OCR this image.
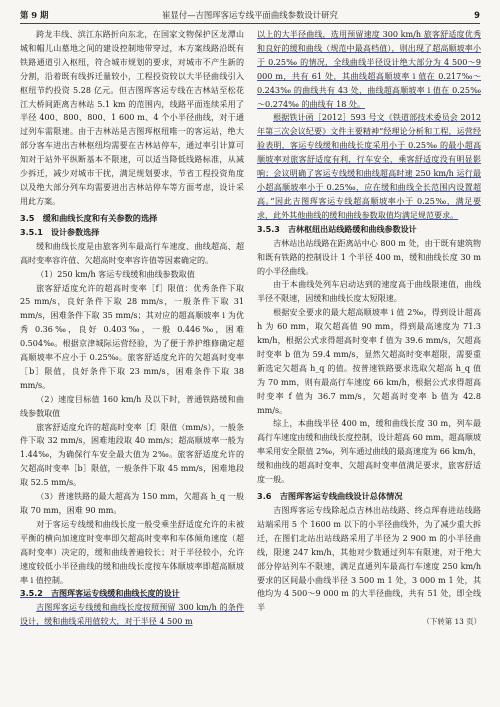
第 9 期	崔显付—吉图珲客运专线平面曲线参数设计研究	9

跨龙丰线、滨江东路折向东北，在国家文物保护区龙潭山城和帽儿山墓地之间的建设控制地带穿过，本方案线路沿既有铁路通道引入枢纽，符合城市规划的要求，对城市不产生新的分割，沿着既有线拆迁量较小，工程投资较以大半径曲线引入枢纽节约投资 5.28 亿元。但吉图珲客运专线在吉林站至松花江大桥间距离吉林站 5.1 km 的范围内，线路平面连续采用了半径 400、800、800、1 600 m、4 个小半径曲线，对于通过列车需限速。由于吉林站是吉图珲枢纽唯一的客运站，绝大部分客车进出吉林枢纽均需要在吉林站停车，通过率引计算可知对于站外平纵断基本不限速，可以适当降低线路标准，从减少拆迁，减少对城市干扰，满足规划要求，节省工程投资角度以及绝大部分列车均需要进出吉林站停车等方面考虑，设计采用此方案。

3.5　缓和曲线长度和有关参数的选择
3.5.1　设计参数选择

缓和曲线长度是由旅客列车最高行车速度、曲线超高、超高时变率容许值、欠超高时变率容许值等因素确定的。

（1）250 km/h 客运专线缓和曲线参数取值

旅客舒适度允许的超高时变率［f］限值：优秀条件下取 25 mm/s，良好条件下取 28 mm/s，一般条件下取 31 mm/s，困难条件下取 35 mm/s；其对应的超高顺坡率 i 为优秀 0.36‰，良好 0.403‰，一般 0.446‰，困难 0.504‰。根据京津城际运营经验，为了便于养护维修确定超高顺坡率不应小于 0.25‰。旅客舒适度允许的欠超高时变率［b］限值，良好条件下取 23 mm/s，困难条件下取 38 mm/s。

（2）速度目标值 160 km/h 及以下时，普通铁路缓和曲线参数取值

旅客舒适度允许的超高时变率［f］限值（mm/s），一般条件下取 32 mm/s，困难地段取 40 mm/s；超高顺坡率一般为 1.44‰，为确保行车安全最大值为 2‰。旅客舒适度允许的欠超高时变率［b］限值，一般条件下取 45 mm/s，困难地段取 52.5 mm/s。

（3）普速铁路的最大超高为 150 mm，欠超高 h_q 一般取 70 mm，困难 90 mm。

对于客运专线缓和曲线长度一般受乘坐舒适度允许的未被平衡的横向加速度时变率即欠超高时变率和车体倾角速度（超高时变率）决定的，缓和曲线普遍较长；对于半径较小，允许速度较低小半径曲线的缓和曲线长度按车体顺坡率即超高顺坡率 i 值控制。

3.5.2　吉图珲客运专线缓和曲线长度的设计

吉图珲客运专线缓和曲线长度按照预留 300 km/h 的条件设计，缓和曲线采用值较大，对于半径 4 500 m

以上的大半径曲线，选用预留速度 300 km/h 旅客舒适度优秀和良好的缓和曲线（规范中最高档值），则出现了超高顺坡率小于 0.25‰ 的情况，全线曲线半径设计绝大部分为 4 500～9 000 m，共有 61 处，其曲线超高顺坡率 i 值在 0.217‰～0.243‰ 的曲线共有 43 处，曲线超高顺坡率 i 值在 0.25‰～0.274‰ 的曲线有 18 处。

根据铁计函［2012］593 号文《铁道部技术委员会 2012 年第三次会议纪要》文件主要精神“经理论分析和工程，运营经验表明，客运专线缓和曲线长度采用小于 0.25‰ 的最小超高顺坡率对旅客舒适度有利，行车安全，乘客舒适度没有明显影响；会议明确了客运专线缓和曲线超高时速 250 km/h 运行最小超高顺坡率小于 0.25‰，应在缓和曲线全长范围内设置超高。”因此吉图珲客运专线超高顺坡率小于 0.25‰，满足要求，此外其他曲线的缓和曲线参数取值均满足规范要求。

3.5.3　吉林枢纽出站线路缓和曲线参数设计

吉林站出站线路在距离站中心 800 m 处，由于既有建筑物和既有铁路的控制设计 1 个半径 400 m，缓和曲线长度 30 m 的小半径曲线。

由于本曲线处列车启动达到的速度高于曲线限速值，曲线半径不限速，因缓和曲线长度太短限速。

根据安全要求的最大超高顺坡率 i 值 2‰，得到设计超高 h 为 60 mm，取欠超高值 90 mm，得到最高速度为 71.3 km/h，根据公式求得超高时变率 f 值为 39.6 mm/s，欠超高时变率 b 值为 59.4 mm/s，显然欠超高时变率超限，需要重新选定欠超高 h_q 的值。按普速铁路要求选取欠超高 h_q 值为 70 mm，则有最高行车速度 66 km/h，根据公式求得超高时变率 f 值为 36.7 mm/s，欠超高时变率 b 值为 42.8 mm/s。

综上，本曲线半径 400 m，缓和曲线长度 30 m，列车最高行车速度由缓和曲线长度控制，设计超高 60 mm，超高顺坡率采用安全限值 2‰，列车通过曲线的最高速度为 66 km/h，缓和曲线的超高时变率、欠超高时变率值满足要求，旅客舒适度一般。

3.6　吉图珲客运专线曲线设计总体情况

吉图珲客运专线除起点吉林出站线路、终点珲春进站线路站端采用 5 个 1600 m 以下的小半径曲线外，为了减少重大拆迁，在图们北站出站线路采用了半径为 2 900 m 的小半径曲线，限速 247 km/h，其他对少数通过列车有限速，对于绝大部分停站列车不限速，满足直通列车最高行车速度 250 km/h 要求的区间最小曲线半径 3 500 m 1 处，3 000 m 1 处，其他均为 4 500～9 000 m 的大半径曲线，共有 51 处，即全线半

（下转第 13 页）
